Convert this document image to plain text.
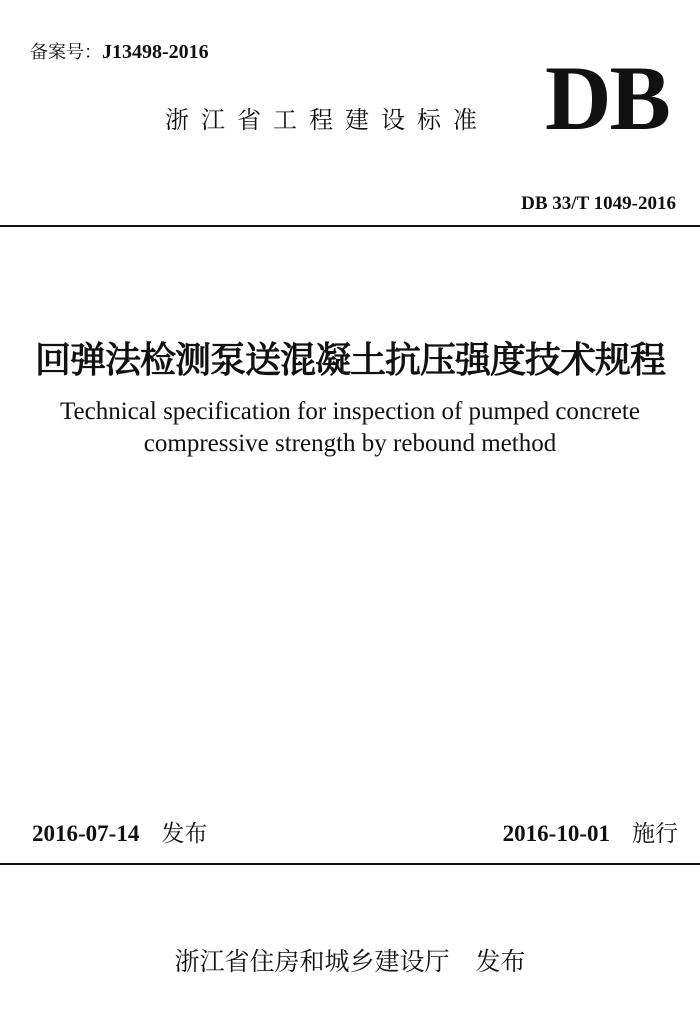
备案号：J13498-2016
浙江省工程建设标准 DB
DB 33/T 1049-2016
回弹法检测泵送混凝土抗压强度技术规程
Technical specification for inspection of pumped concrete
compressive strength by rebound method
2016-07-14 发布	2016-10-01 施行
浙江省住房和城乡建设厅 发布
